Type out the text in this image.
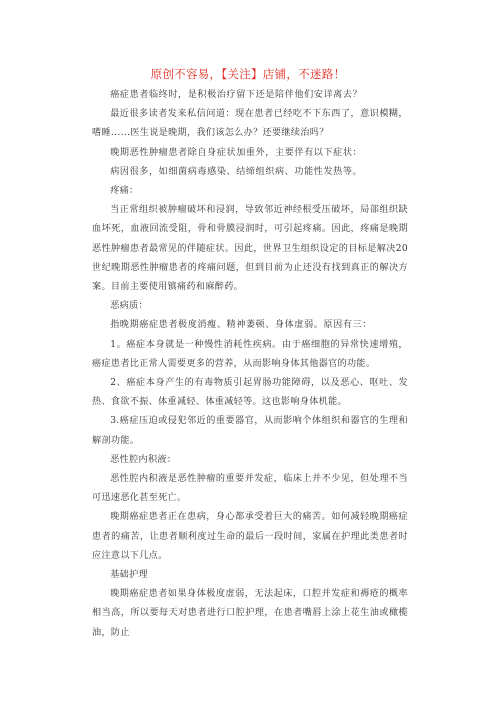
原创不容易，【关注】店铺，不迷路！

癌症患者临终时，是积极治疗留下还是陪伴他们安详离去？

最近很多读者发来私信问道：现在患者已经吃不下东西了，意识模糊，嗜睡......医生说是晚期，我们该怎么办？还要继续治吗？

晚期恶性肿瘤患者除自身症状加重外，主要伴有以下症状：

病因很多，如细菌病毒感染、结缔组织病、功能性发热等。

疼痛：

当正常组织被肿瘤破坏和浸润，导致邻近神经根受压破坏，局部组织缺血坏死，血液回流受阻，骨和骨膜浸润时，可引起疼痛。因此，疼痛是晚期恶性肿瘤患者最常见的伴随症状。因此，世界卫生组织设定的目标是解决20世纪晚期恶性肿瘤患者的疼痛问题，但到目前为止还没有找到真正的解决方案。目前主要使用镇痛药和麻醉药。

恶病质：

指晚期癌症患者极度消瘦、精神萎顿、身体虚弱。原因有三：

1。癌症本身就是一种慢性消耗性疾病。由于癌细胞的异常快速增殖，癌症患者比正常人需要更多的营养，从而影响身体其他器官的功能。

2、癌症本身产生的有毒物质引起胃肠功能障碍，以及恶心、呕吐、发热、食欲不振、体重减轻、体重减轻等。这也影响身体机能。

3.癌症压迫或侵犯邻近的重要器官，从而影响个体组织和器官的生理和解剖功能。

恶性腔内积液：

恶性腔内积液是恶性肿瘤的重要并发症，临床上并不少见，但处理不当可迅速恶化甚至死亡。

晚期癌症患者正在患病，身心都承受着巨大的痛苦。如何减轻晚期癌症患者的痛苦，让患者顺利度过生命的最后一段时间，家属在护理此类患者时应注意以下几点。

基础护理

晚期癌症患者如果身体极度虚弱，无法起床，口腔并发症和褥疮的概率相当高，所以要每天对患者进行口腔护理，在患者嘴唇上涂上花生油或橄榄油，防止
